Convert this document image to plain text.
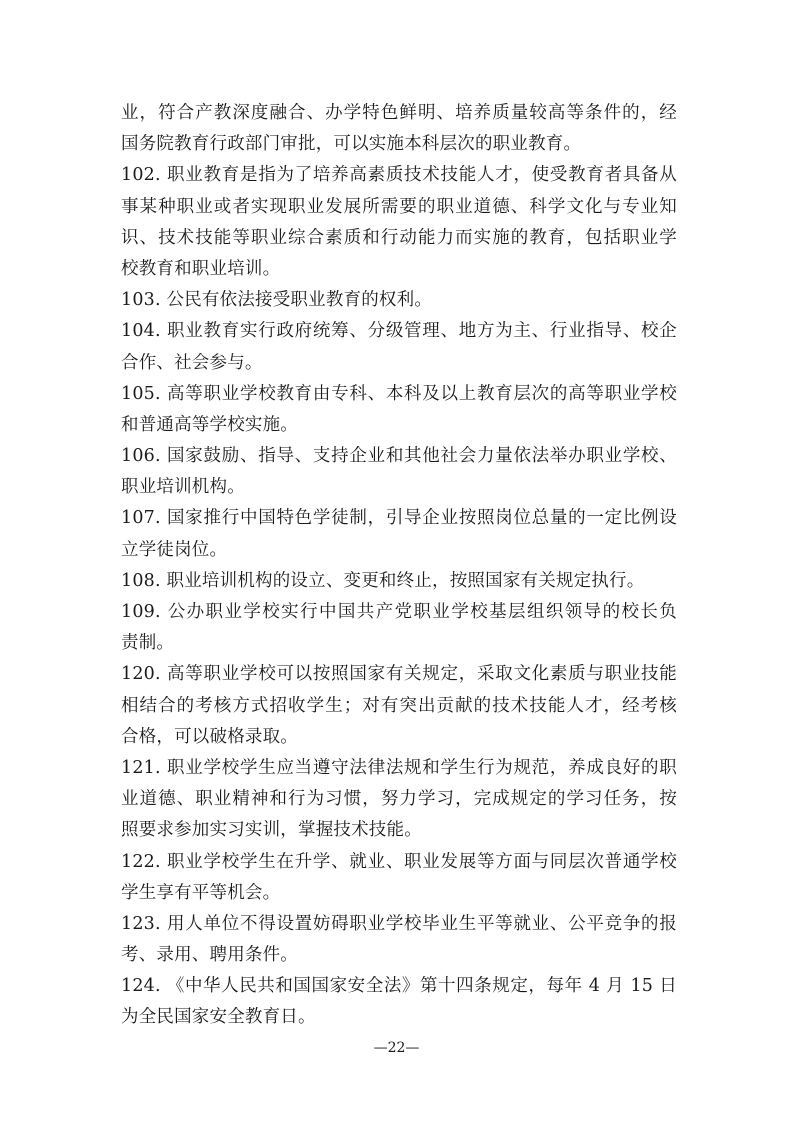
业，符合产教深度融合、办学特色鲜明、培养质量较高等条件的，经
国务院教育行政部门审批，可以实施本科层次的职业教育。
102. 职业教育是指为了培养高素质技术技能人才，使受教育者具备从
事某种职业或者实现职业发展所需要的职业道德、科学文化与专业知
识、技术技能等职业综合素质和行动能力而实施的教育，包括职业学
校教育和职业培训。
103. 公民有依法接受职业教育的权利。
104. 职业教育实行政府统筹、分级管理、地方为主、行业指导、校企
合作、社会参与。
105. 高等职业学校教育由专科、本科及以上教育层次的高等职业学校
和普通高等学校实施。
106. 国家鼓励、指导、支持企业和其他社会力量依法举办职业学校、
职业培训机构。
107. 国家推行中国特色学徒制，引导企业按照岗位总量的一定比例设
立学徒岗位。
108. 职业培训机构的设立、变更和终止，按照国家有关规定执行。
109. 公办职业学校实行中国共产党职业学校基层组织领导的校长负
责制。
120. 高等职业学校可以按照国家有关规定，采取文化素质与职业技能
相结合的考核方式招收学生；对有突出贡献的技术技能人才，经考核
合格，可以破格录取。
121. 职业学校学生应当遵守法律法规和学生行为规范，养成良好的职
业道德、职业精神和行为习惯，努力学习，完成规定的学习任务，按
照要求参加实习实训，掌握技术技能。
122. 职业学校学生在升学、就业、职业发展等方面与同层次普通学校
学生享有平等机会。
123. 用人单位不得设置妨碍职业学校毕业生平等就业、公平竞争的报
考、录用、聘用条件。
124. 《中华人民共和国国家安全法》第十四条规定，每年 4 月 15 日
为全民国家安全教育日。
—22—
